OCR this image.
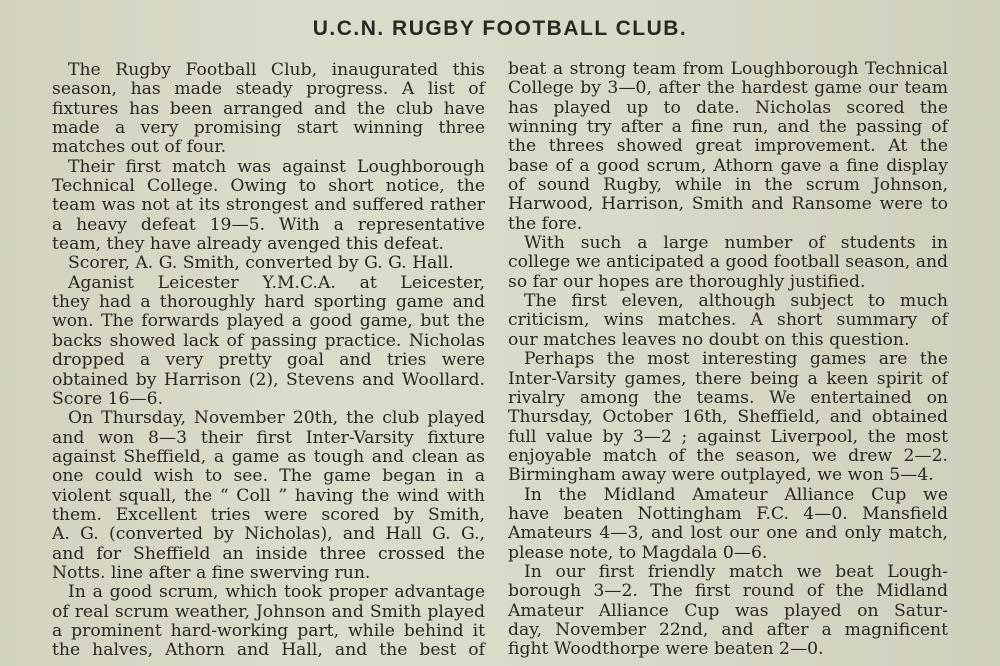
U.C.N. RUGBY FOOTBALL CLUB.
The Rugby Football Club, inaugurated this
season, has made steady progress. A list of
fixtures has been arranged and the club have
made a very promising start winning three
matches out of four.
Their first match was against Loughborough
Technical College. Owing to short notice, the
team was not at its strongest and suffered rather
a heavy defeat 19—5. With a representative
team, they have already avenged this defeat.
Scorer, A. G. Smith, converted by G. G. Hall.
Aganist Leicester Y.M.C.A. at Leicester,
they had a thoroughly hard sporting game and
won. The forwards played a good game, but the
backs showed lack of passing practice. Nicholas
dropped a very pretty goal and tries were
obtained by Harrison (2), Stevens and Woollard.
Score 16—6.
On Thursday, November 20th, the club played
and won 8—3 their first Inter-Varsity fixture
against Sheffield, a game as tough and clean as
one could wish to see. The game began in a
violent squall, the “ Coll ” having the wind with
them. Excellent tries were scored by Smith,
A. G. (converted by Nicholas), and Hall G. G.,
and for Sheffield an inside three crossed the
Notts. line after a fine swerving run.
In a good scrum, which took proper advantage
of real scrum weather, Johnson and Smith played
a prominent hard-working part, while behind it
the halves, Athorn and Hall, and the best of
beat a strong team from Loughborough Technical
College by 3—0, after the hardest game our team
has played up to date. Nicholas scored the
winning try after a fine run, and the passing of
the threes showed great improvement. At the
base of a good scrum, Athorn gave a fine display
of sound Rugby, while in the scrum Johnson,
Harwood, Harrison, Smith and Ransome were to
the fore.
With such a large number of students in
college we anticipated a good football season, and
so far our hopes are thoroughly justified.
The first eleven, although subject to much
criticism, wins matches. A short summary of
our matches leaves no doubt on this question.
Perhaps the most interesting games are the
Inter-Varsity games, there being a keen spirit of
rivalry among the teams. We entertained on
Thursday, October 16th, Sheffield, and obtained
full value by 3—2 ; against Liverpool, the most
enjoyable match of the season, we drew 2—2.
Birmingham away were outplayed, we won 5—4.
In the Midland Amateur Alliance Cup we
have beaten Nottingham F.C. 4—0. Mansfield
Amateurs 4—3, and lost our one and only match,
please note, to Magdala 0—6.
In our first friendly match we beat Lough-
borough 3—2. The first round of the Midland
Amateur Alliance Cup was played on Satur-
day, November 22nd, and after a magnificent
fight Woodthorpe were beaten 2—0.
